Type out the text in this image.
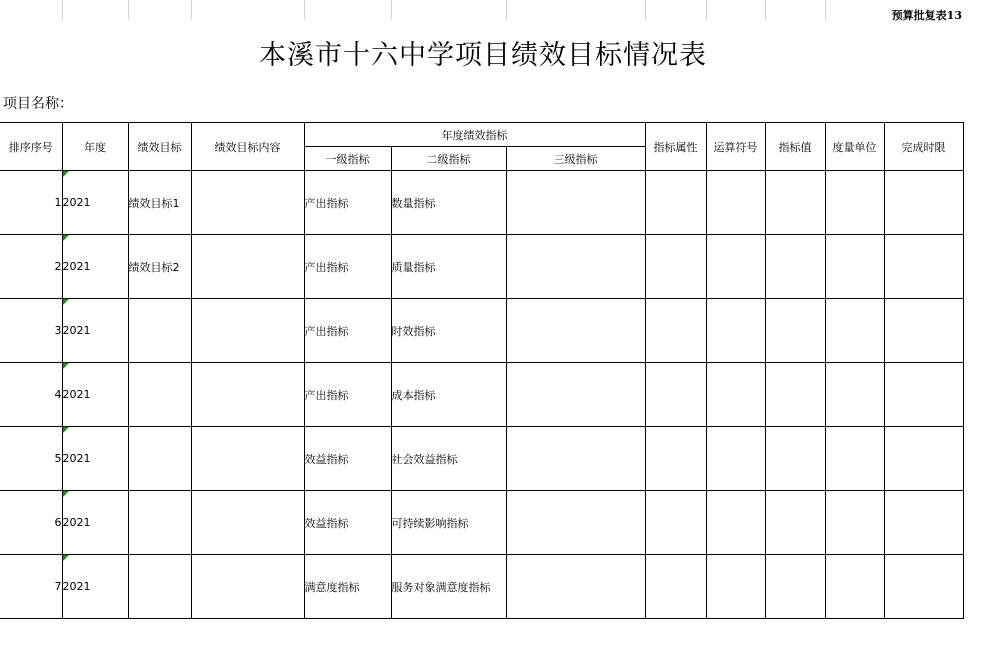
预算批复表13
本溪市十六中学项目绩效目标情况表
项目名称：
排序序号	年度	绩效目标	绩效目标内容	年度绩效指标			指标属性	运算符号	指标值	度量单位	完成时限
				一级指标	二级指标	三级指标					
1	2021	绩效目标1		产出指标	数量指标						
2	2021	绩效目标2		产出指标	质量指标						
3	2021			产出指标	时效指标						
4	2021			产出指标	成本指标						
5	2021			效益指标	社会效益指标						
6	2021			效益指标	可持续影响指标						
7	2021			满意度指标	服务对象满意度指标						
